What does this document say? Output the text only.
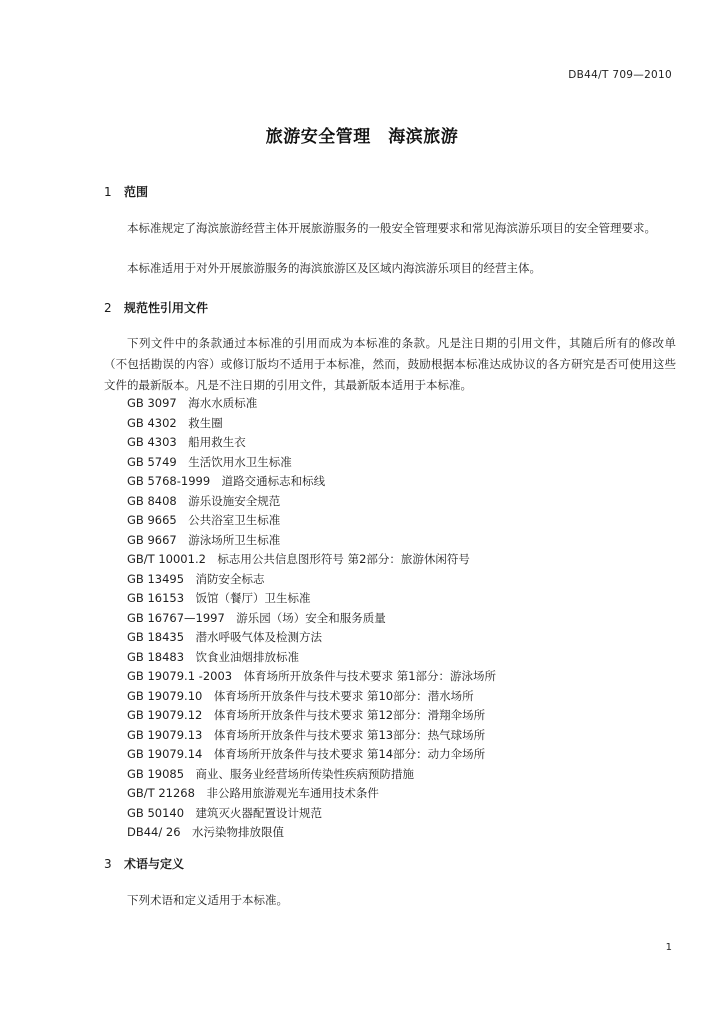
DB44/T 709—2010
旅游安全管理　海滨旅游
1 范围
本标准规定了海滨旅游经营主体开展旅游服务的一般安全管理要求和常见海滨游乐项目的安全管理要求。
本标准适用于对外开展旅游服务的海滨旅游区及区域内海滨游乐项目的经营主体。
2 规范性引用文件
下列文件中的条款通过本标准的引用而成为本标准的条款。凡是注日期的引用文件，其随后所有的修改单（不包括勘误的内容）或修订版均不适用于本标准，然而，鼓励根据本标准达成协议的各方研究是否可使用这些文件的最新版本。凡是不注日期的引用文件，其最新版本适用于本标准。
GB 3097　海水水质标准
GB 4302　救生圈
GB 4303　船用救生衣
GB 5749　生活饮用水卫生标准
GB 5768-1999　道路交通标志和标线
GB 8408　游乐设施安全规范
GB 9665　公共浴室卫生标准
GB 9667　游泳场所卫生标准
GB/T 10001.2　标志用公共信息图形符号 第2部分：旅游休闲符号
GB 13495　消防安全标志
GB 16153　饭馆（餐厅）卫生标准
GB 16767—1997　游乐园（场）安全和服务质量
GB 18435　潜水呼吸气体及检测方法
GB 18483　饮食业油烟排放标准
GB 19079.1 -2003　体育场所开放条件与技术要求 第1部分：游泳场所
GB 19079.10　体育场所开放条件与技术要求 第10部分：潜水场所
GB 19079.12　体育场所开放条件与技术要求 第12部分：滑翔伞场所
GB 19079.13　体育场所开放条件与技术要求 第13部分：热气球场所
GB 19079.14　体育场所开放条件与技术要求 第14部分：动力伞场所
GB 19085　商业、服务业经营场所传染性疾病预防措施
GB/T 21268　非公路用旅游观光车通用技术条件
GB 50140　建筑灭火器配置设计规范
DB44/ 26　水污染物排放限值
3 术语与定义
下列术语和定义适用于本标准。
1
